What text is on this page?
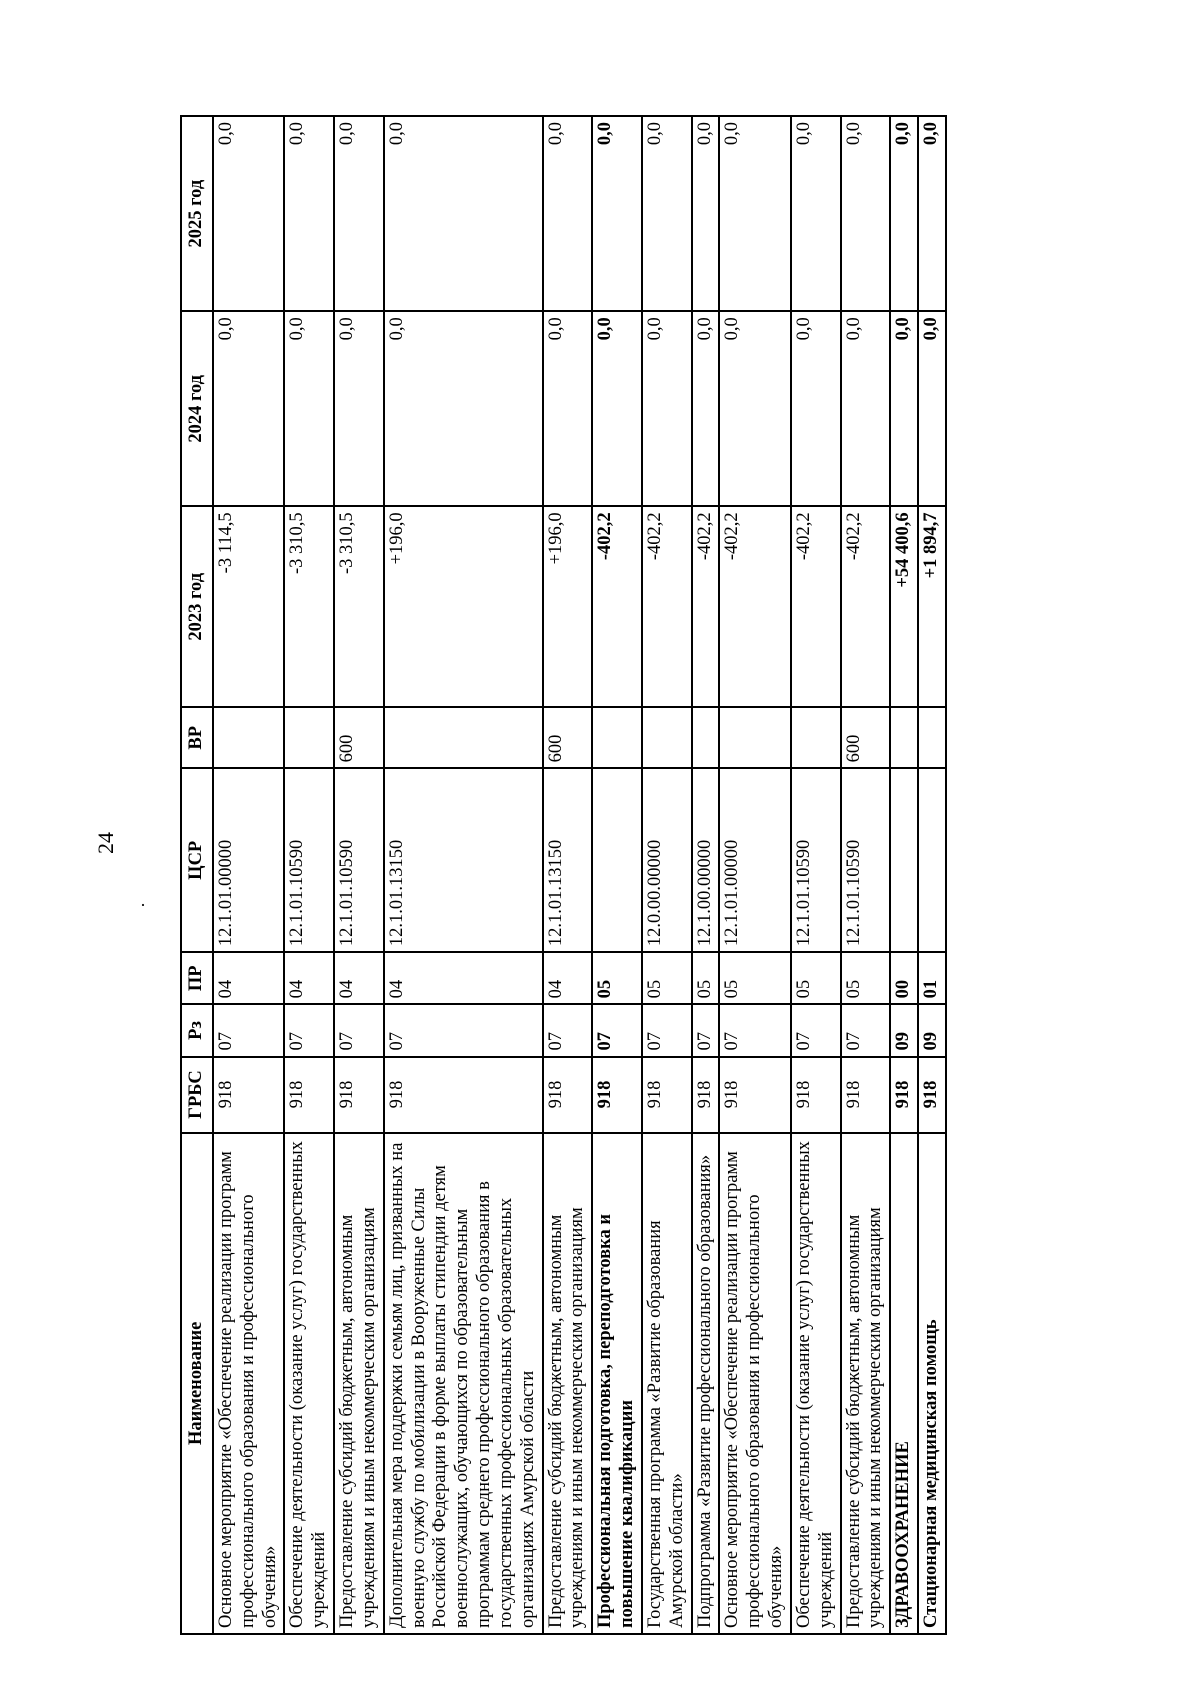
24
·
Наименование	ГРБС	Рз	ПР	ЦСР	ВР	2023 год	2024 год	2025 год
Основное мероприятие «Обеспечение реализации программ профессионального образования и профессионального обучения»	918	07	04	12.1.01.00000		-3 114,5	0,0	0,0
Обеспечение деятельности (оказание услуг) государственных учреждений	918	07	04	12.1.01.10590		-3 310,5	0,0	0,0
Предоставление субсидий бюджетным, автономным учреждениям и иным некоммерческим организациям	918	07	04	12.1.01.10590	600	-3 310,5	0,0	0,0
Дополнительная мера поддержки семьям лиц, призванных на военную службу по мобилизации в Вооруженные Силы Российской Федерации в форме выплаты стипендии детям военнослужащих, обучающихся по образовательным программам среднего профессионального образования в государственных профессиональных образовательных организациях Амурской области	918	07	04	12.1.01.13150		+196,0	0,0	0,0
Предоставление субсидий бюджетным, автономным учреждениям и иным некоммерческим организациям	918	07	04	12.1.01.13150	600	+196,0	0,0	0,0
Профессиональная подготовка, переподготовка и повышение квалификации	918	07	05			-402,2	0,0	0,0
Государственная программа «Развитие образования Амурской области»	918	07	05	12.0.00.00000		-402,2	0,0	0,0
Подпрограмма «Развитие профессионального образования»	918	07	05	12.1.00.00000		-402,2	0,0	0,0
Основное мероприятие «Обеспечение реализации программ профессионального образования и профессионального обучения»	918	07	05	12.1.01.00000		-402,2	0,0	0,0
Обеспечение деятельности (оказание услуг) государственных учреждений	918	07	05	12.1.01.10590		-402,2	0,0	0,0
Предоставление субсидий бюджетным, автономным учреждениям и иным некоммерческим организациям	918	07	05	12.1.01.10590	600	-402,2	0,0	0,0
ЗДРАВООХРАНЕНИЕ	918	09	00			+54 400,6	0,0	0,0
Стационарная медицинская помощь	918	09	01			+1 894,7	0,0	0,0
